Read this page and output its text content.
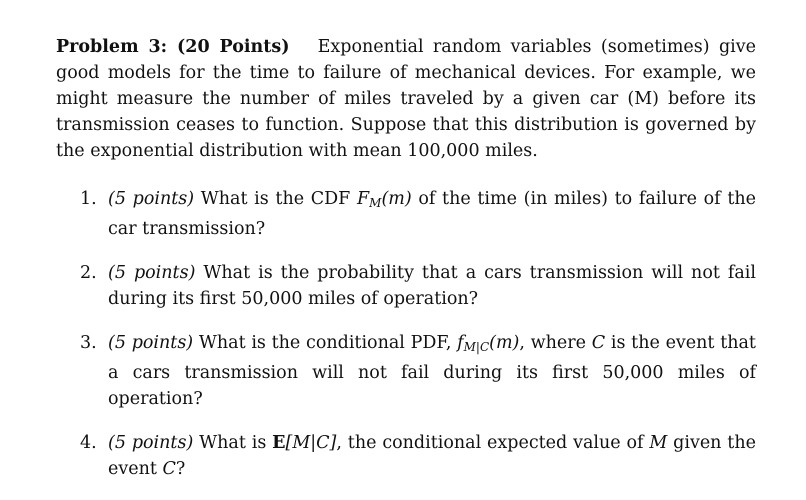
Problem 3: (20 Points) Exponential random variables (sometimes) give good models for the time to failure of mechanical devices. For example, we might measure the number of miles traveled by a given car (M) before its transmission ceases to function. Suppose that this distribution is governed by the exponential distribution with mean 100,000 miles.

1. (5 points) What is the CDF $F_M(m)$ of the time (in miles) to failure of the car transmission?
2. (5 points) What is the probability that a cars transmission will not fail during its first 50,000 miles of operation?
3. (5 points) What is the conditional PDF, $f_{M|C}(m)$, where C is the event that a cars transmission will not fail during its first 50,000 miles of operation?
4. (5 points) What is E[M|C], the conditional expected value of M given the event C?
